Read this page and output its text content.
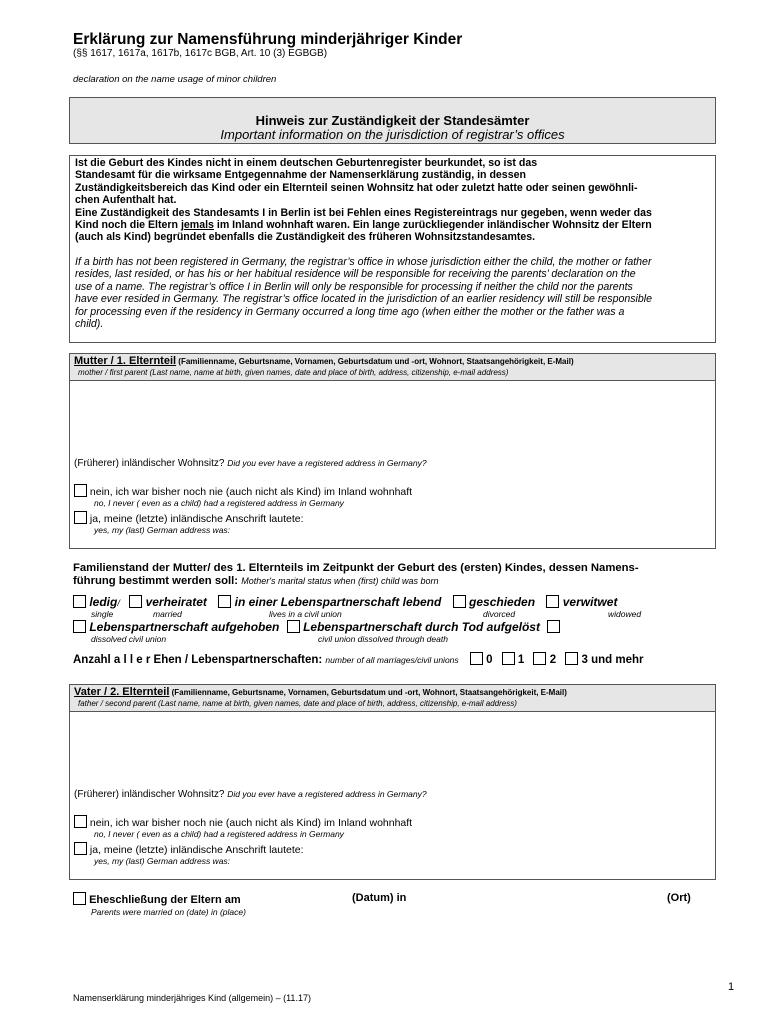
Erklärung zur Namensführung minderjähriger Kinder
(§§ 1617, 1617a, 1617b, 1617c BGB, Art. 10 (3) EGBGB)
declaration on the name usage of minor children
Hinweis zur Zuständigkeit der Standesämter
Important information on the jurisdiction of registrar’s offices
Ist die Geburt des Kindes nicht in einem deutschen Geburtenregister beurkundet, so ist das
Standesamt für die wirksame Entgegennahme der Namenserklärung zuständig, in dessen
Zuständigkeitsbereich das Kind oder ein Elternteil seinen Wohnsitz hat oder zuletzt hatte oder seinen gewöhnli-
chen Aufenthalt hat.
Eine Zuständigkeit des Standesamts I in Berlin ist bei Fehlen eines Registereintrags nur gegeben, wenn weder das
Kind noch die Eltern jemals im Inland wohnhaft waren. Ein lange zurückliegender inländischer Wohnsitz der Eltern
(auch als Kind) begründet ebenfalls die Zuständigkeit des früheren Wohnsitzstandesamtes.
If a birth has not been registered in Germany, the registrar’s office in whose jurisdiction either the child, the mother or father
resides, last resided, or has his or her habitual residence will be responsible for receiving the parents’ declaration on the
use of a name. The registrar’s office I in Berlin will only be responsible for processing if neither the child nor the parents
have ever resided in Germany. The registrar’s office located in the jurisdiction of an earlier residency will still be responsible
for processing even if the residency in Germany occurred a long time ago (when either the mother or the father was a
child).
Mutter / 1. Elternteil (Familienname, Geburtsname, Vornamen, Geburtsdatum und -ort, Wohnort, Staatsangehörigkeit, E-Mail)
mother / first parent (Last name, name at birth, given names, date and place of birth, address, citizenship, e-mail address)
(Früherer) inländischer Wohnsitz? Did you ever have a registered address in Germany?
nein, ich war bisher noch nie (auch nicht als Kind) im Inland wohnhaft
no, I never ( even as a child) had a registered address in Germany
ja, meine (letzte) inländische Anschrift lautete:
yes, my (last) German address was:
Familienstand der Mutter/ des 1. Elternteils im Zeitpunkt der Geburt des (ersten) Kindes, dessen Namens-
führung bestimmt werden soll: Mother's marital status when (first) child was born
ledig/ verheiratet in einer Lebenspartnerschaft lebend geschieden verwitwet
single	married	lives in a civil union	divorced	widowed
Lebenspartnerschaft aufgehoben Lebenspartnerschaft durch Tod aufgelöst
dissolved civil union	civil union dissolved through death
Anzahl a l l e r Ehen / Lebenspartnerschaften: number of all marriages/civil unions 0 1 2 3 und mehr
Vater / 2. Elternteil (Familienname, Geburtsname, Vornamen, Geburtsdatum und -ort, Wohnort, Staatsangehörigkeit, E-Mail)
father / second parent (Last name, name at birth, given names, date and place of birth, address, citizenship, e-mail address)
(Früherer) inländischer Wohnsitz? Did you ever have a registered address in Germany?
nein, ich war bisher noch nie (auch nicht als Kind) im Inland wohnhaft
no, I never ( even as a child) had a registered address in Germany
ja, meine (letzte) inländische Anschrift lautete:
yes, my (last) German address was:
Eheschließung der Eltern am	(Datum) in	(Ort)
Parents were married on (date) in (place)
1
Namenserklärung minderjähriges Kind (allgemein) – (11.17)
